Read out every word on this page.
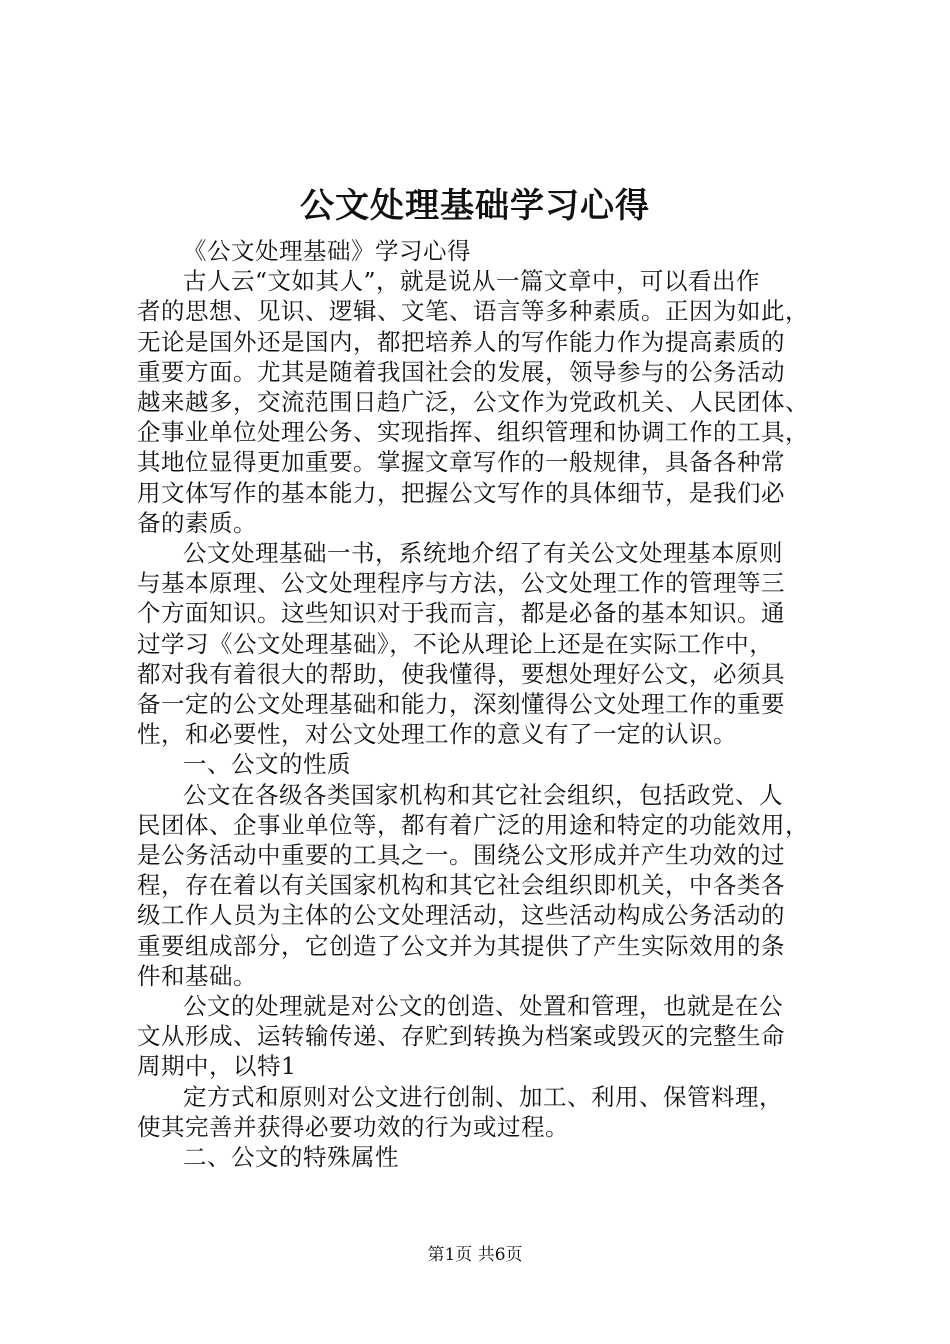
公文处理基础学习心得
《公文处理基础》学习心得
古人云“文如其人”，就是说从一篇文章中，可以看出作
者的思想、见识、逻辑、文笔、语言等多种素质。正因为如此，
无论是国外还是国内，都把培养人的写作能力作为提高素质的
重要方面。尤其是随着我国社会的发展，领导参与的公务活动
越来越多，交流范围日趋广泛，公文作为党政机关、人民团体、
企事业单位处理公务、实现指挥、组织管理和协调工作的工具，
其地位显得更加重要。掌握文章写作的一般规律，具备各种常
用文体写作的基本能力，把握公文写作的具体细节，是我们必
备的素质。
公文处理基础一书，系统地介绍了有关公文处理基本原则
与基本原理、公文处理程序与方法，公文处理工作的管理等三
个方面知识。这些知识对于我而言，都是必备的基本知识。通
过学习《公文处理基础》，不论从理论上还是在实际工作中，
都对我有着很大的帮助，使我懂得，要想处理好公文，必须具
备一定的公文处理基础和能力，深刻懂得公文处理工作的重要
性，和必要性，对公文处理工作的意义有了一定的认识。
一、公文的性质
公文在各级各类国家机构和其它社会组织，包括政党、人
民团体、企事业单位等，都有着广泛的用途和特定的功能效用，
是公务活动中重要的工具之一。围绕公文形成并产生功效的过
程，存在着以有关国家机构和其它社会组织即机关，中各类各
级工作人员为主体的公文处理活动，这些活动构成公务活动的
重要组成部分，它创造了公文并为其提供了产生实际效用的条
件和基础。
公文的处理就是对公文的创造、处置和管理，也就是在公
文从形成、运转输传递、存贮到转换为档案或毁灭的完整生命
周期中，以特1
定方式和原则对公文进行创制、加工、利用、保管料理，
使其完善并获得必要功效的行为或过程。
二、公文的特殊属性
第1页 共6页
